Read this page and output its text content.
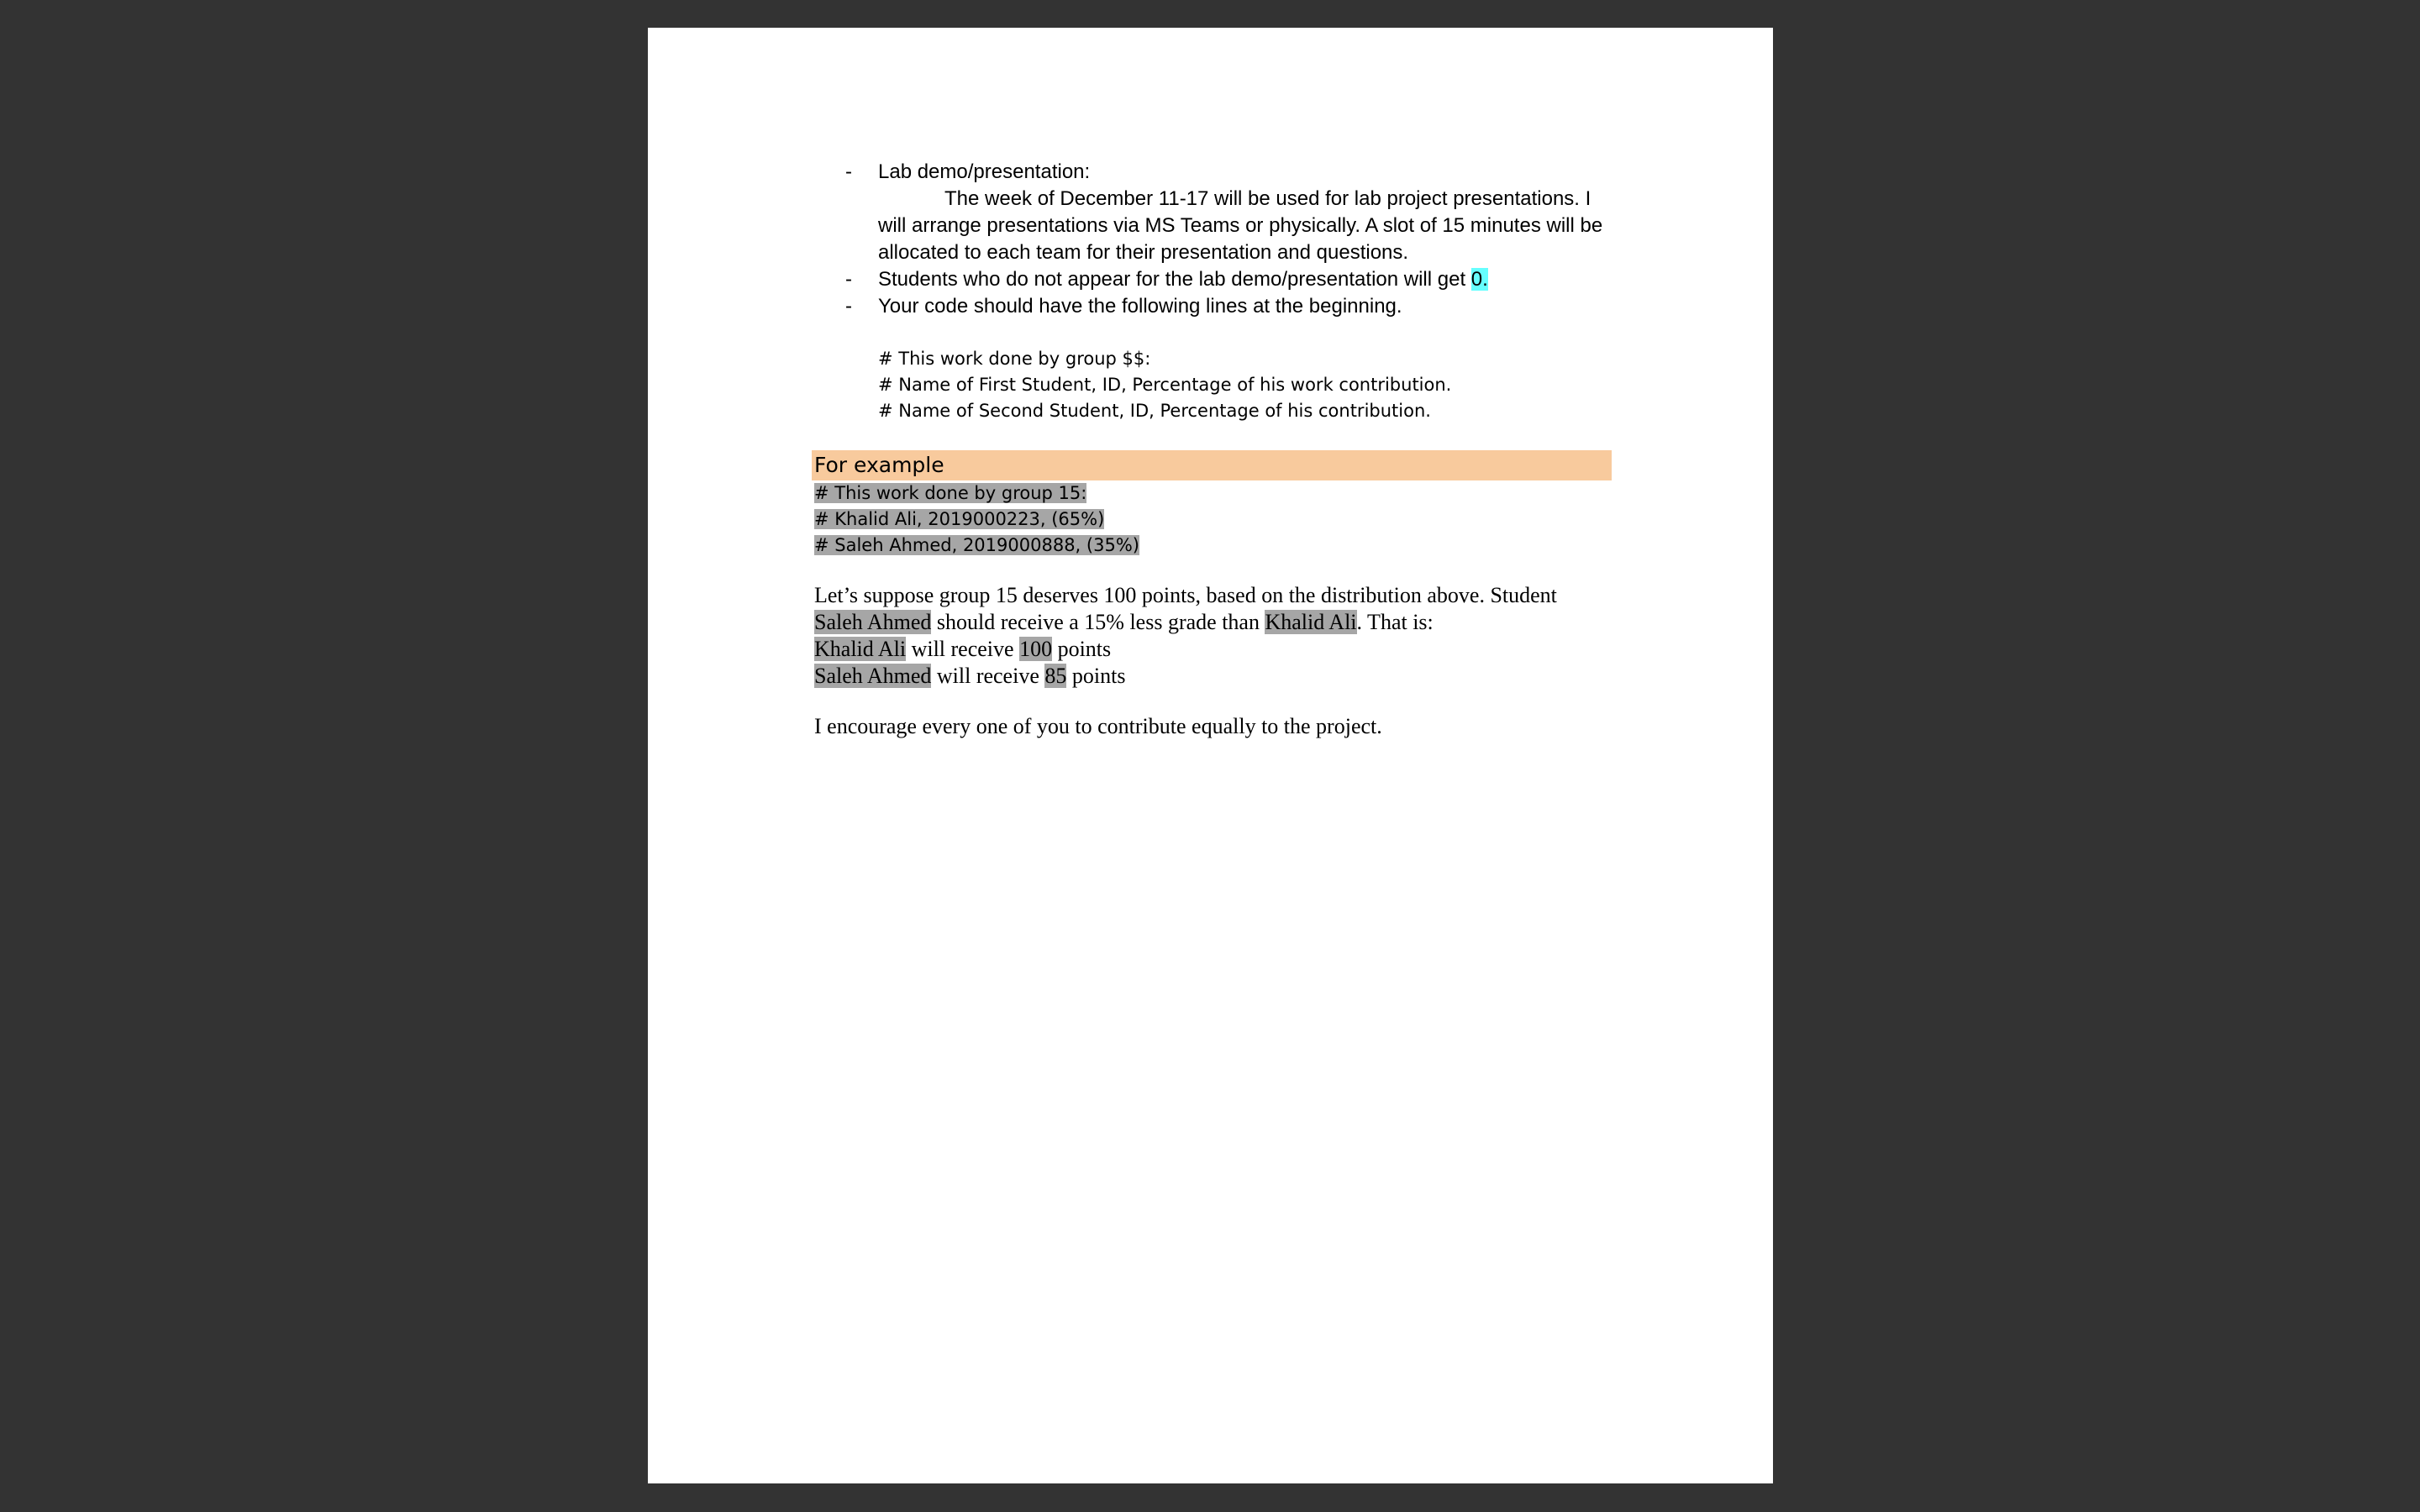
- Lab demo/presentation:
The week of December 11-17 will be used for lab project presentations. I will arrange presentations via MS Teams or physically. A slot of 15 minutes will be allocated to each team for their presentation and questions.
- Students who do not appear for the lab demo/presentation will get 0.
- Your code should have the following lines at the beginning.
# This work done by group $$:
# Name of First Student, ID, Percentage of his work contribution.
# Name of Second Student, ID, Percentage of his contribution.
For example
# This work done by group 15:
# Khalid Ali, 2019000223, (65%)
# Saleh Ahmed, 2019000888, (35%)
Let’s suppose group 15 deserves 100 points, based on the distribution above. Student
Saleh Ahmed should receive a 15% less grade than Khalid Ali. That is:
Khalid Ali will receive 100 points
Saleh Ahmed will receive 85 points
I encourage every one of you to contribute equally to the project.
